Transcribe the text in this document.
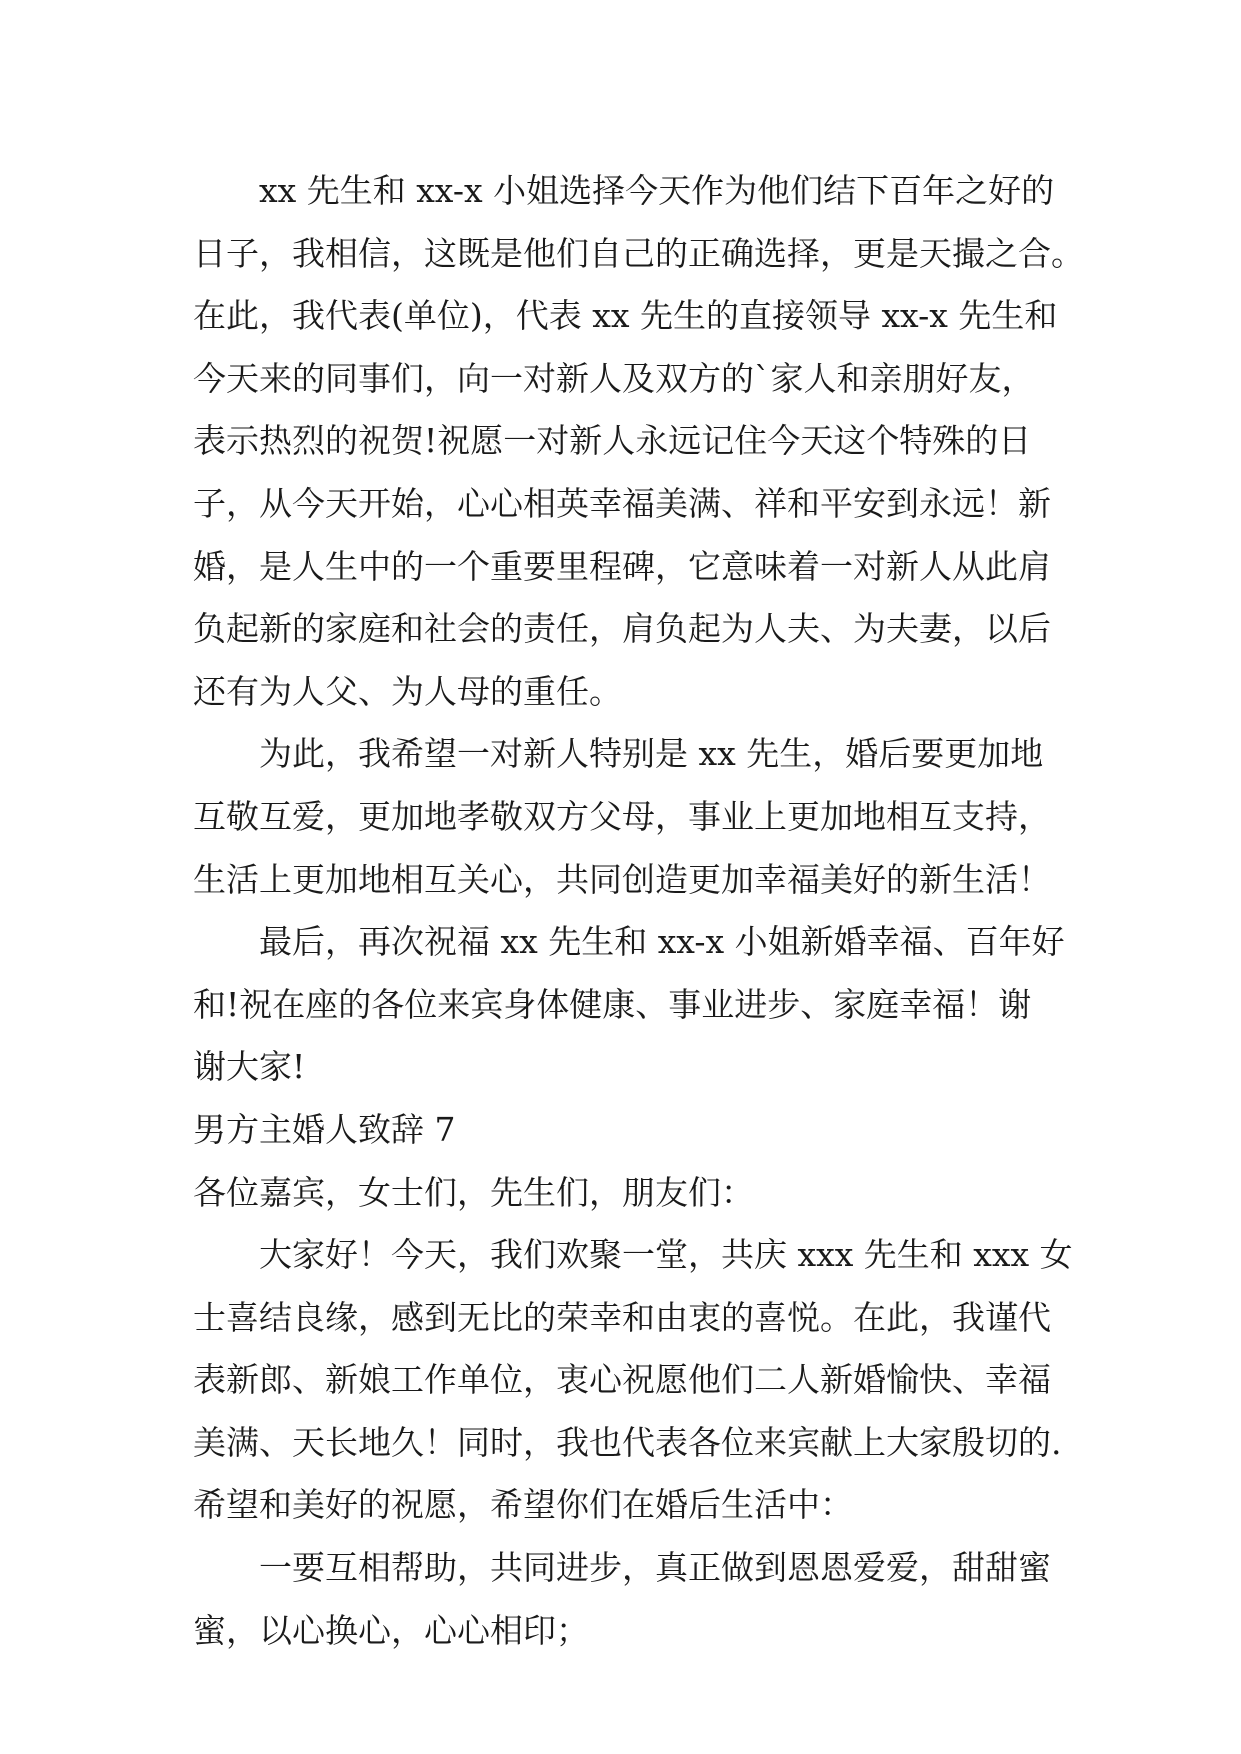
xx 先生和 xx-x 小姐选择今天作为他们结下百年之好的
日子，我相信，这既是他们自己的正确选择，更是天撮之合。
在此，我代表(单位)，代表 xx 先生的直接领导 xx-x 先生和
今天来的同事们，向一对新人及双方的`家人和亲朋好友，
表示热烈的祝贺!祝愿一对新人永远记住今天这个特殊的日
子，从今天开始，心心相英幸福美满、祥和平安到永远！新
婚，是人生中的一个重要里程碑，它意味着一对新人从此肩
负起新的家庭和社会的责任，肩负起为人夫、为夫妻，以后
还有为人父、为人母的重任。
为此，我希望一对新人特别是 xx 先生，婚后要更加地
互敬互爱，更加地孝敬双方父母，事业上更加地相互支持，
生活上更加地相互关心，共同创造更加幸福美好的新生活！
最后，再次祝福 xx 先生和 xx-x 小姐新婚幸福、百年好
和!祝在座的各位来宾身体健康、事业进步、家庭幸福！谢
谢大家!
男方主婚人致辞 7
各位嘉宾，女士们，先生们，朋友们：
大家好！今天，我们欢聚一堂，共庆 xxx 先生和 xxx 女
士喜结良缘，感到无比的荣幸和由衷的喜悦。在此，我谨代
表新郎、新娘工作单位，衷心祝愿他们二人新婚愉快、幸福
美满、天长地久！同时，我也代表各位来宾献上大家殷切的.
希望和美好的祝愿，希望你们在婚后生活中：
一要互相帮助，共同进步，真正做到恩恩爱爱，甜甜蜜
蜜，以心换心，心心相印；
